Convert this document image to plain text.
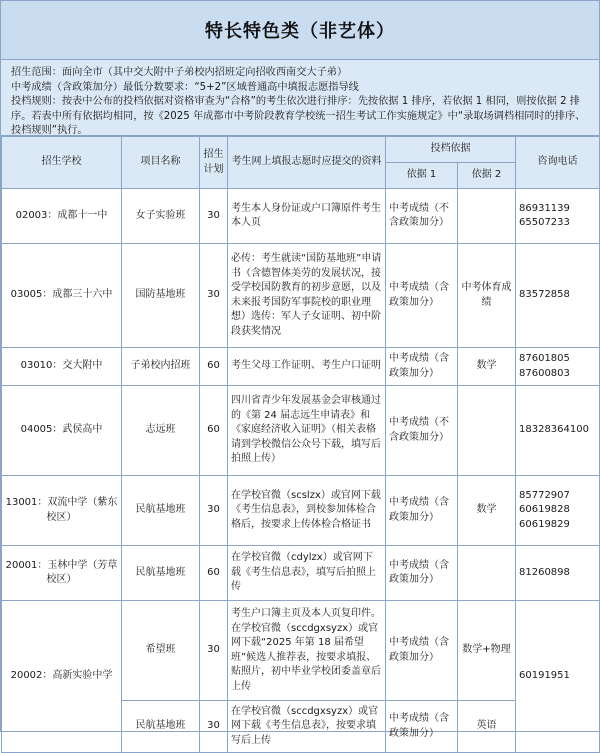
特长特色类（非艺体）

招生范围：面向全市（其中交大附中子弟校内招班定向招收西南交大子弟）

中考成绩（含政策加分）最低分数要求：“5+2”区域普通高中填报志愿指导线

投档规则：按表中公布的投档依据对资格审查为“合格”的考生依次进行排序：先按依据 1 排序，若依据 1 相同，则按依据 2 排序。若表中所有依据均相同，按《2025 年成都市中考阶段教育学校统一招生考试工作实施规定》中“录取场调档相同时的排序、投档规则”执行。

招生学校	项目名称	招生计划	考生网上填报志愿时应提交的资料	投档依据		咨询电话
				依据 1	依据 2	
02003：成都十一中	女子实验班	30	考生本人身份证或户口簿原件考生本人页	中考成绩（不含政策加分）		86931139
65507233

03005：成都三十六中	国防基地班	30	必传：考生就读“国防基地班”申请书（含德智体美劳的发展状况，接受学校国防教育的初步意愿，以及未来报考国防军事院校的职业理想）选传：军人子女证明、初中阶段获奖情况	中考成绩（含政策加分）	中考体育成绩	83572858

03010：交大附中	子弟校内招班	60	考生父母工作证明、考生户口证明	中考成绩（含政策加分）	数学	87601805
87600803

04005：武侯高中	志远班	60	四川省青少年发展基金会审核通过的《第 24 届志远生申请表》和《家庭经济收入证明》（相关表格请到学校微信公众号下载，填写后拍照上传）	中考成绩（不含政策加分）		18328364100

13001：双流中学（紫东校区）	民航基地班	30	在学校官微（scslzx）或官网下载《考生信息表》，到校参加体检合格后，按要求上传体检合格证书	中考成绩（含政策加分）	数学	85772907
60619828
60619829

20001：玉林中学（芳草校区）	民航基地班	60	在学校官微（cdylzx）或官网下载《考生信息表》，填写后拍照上传	中考成绩（含政策加分）		81260898

20002：高新实验中学	希望班	30	考生户口簿主页及本人页复印件。在学校官微（sccdgxsyzx）或官网下载“2025 年第 18 届希望班”候选人推荐表，按要求填报、贴照片，初中毕业学校团委盖章后上传	中考成绩（含政策加分）	数学+物理	60191951

	民航基地班	30	在学校官微（sccdgxsyzx）或官网下载《考生信息表》，按要求填写后上传	中考成绩（含政策加分）	英语	
